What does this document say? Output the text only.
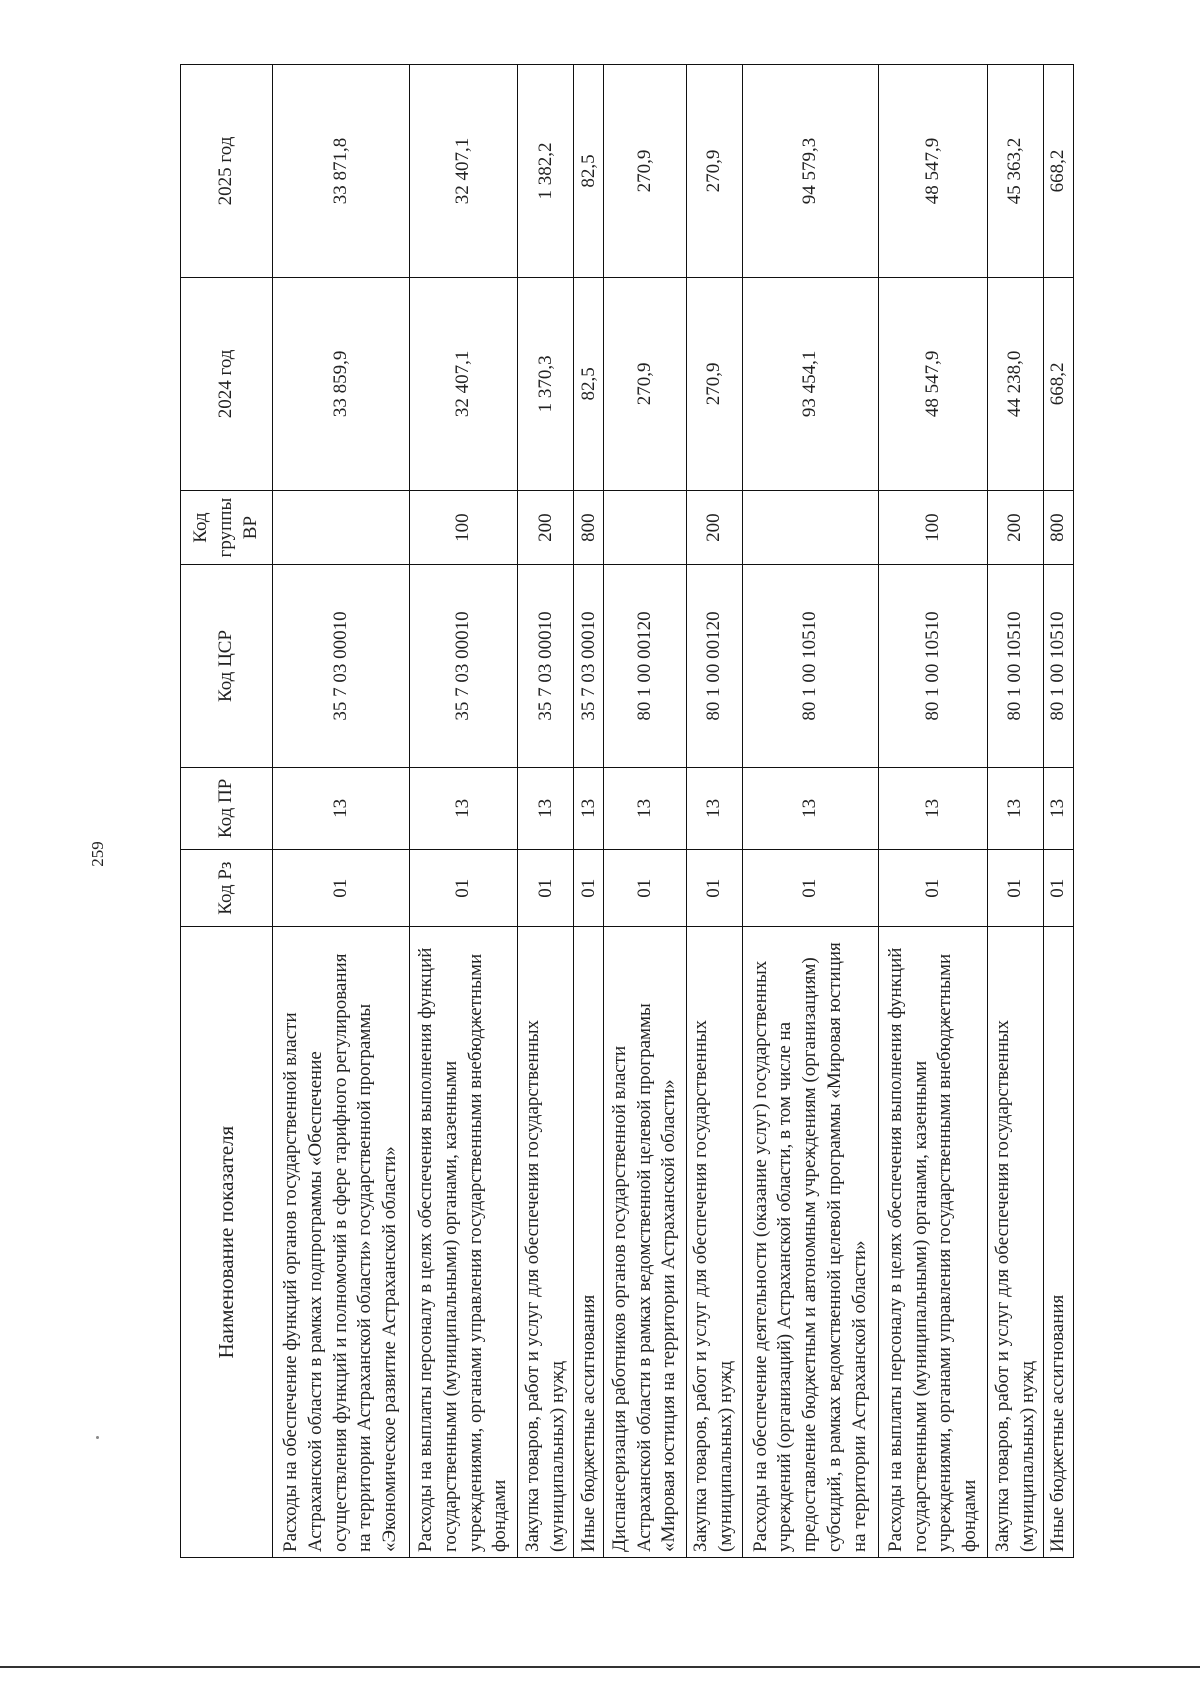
259
Наименование показателя	Код Рз	Код ПР	Код ЦСР	Код группы ВР	2024 год	2025 год
Расходы на обеспечение функций органов государственной власти Астраханской области в рамках подпрограммы «Обеспечение осуществления функций и полномочий в сфере тарифного регулирования на территории Астраханской области» государственной программы «Экономическое развитие Астраханской области»	01	13	35 7 03 00010		33 859,9	33 871,8
Расходы на выплаты персоналу в целях обеспечения выполнения функций государственными (муниципальными) органами, казенными учреждениями, органами управления государственными внебюджетными фондами	01	13	35 7 03 00010	100	32 407,1	32 407,1
Закупка товаров, работ и услуг для обеспечения государственных (муниципальных) нужд	01	13	35 7 03 00010	200	1 370,3	1 382,2
Иные бюджетные ассигнования	01	13	35 7 03 00010	800	82,5	82,5
Диспансеризация работников органов государственной власти Астраханской области в рамках ведомственной целевой программы «Мировая юстиция на территории Астраханской области»	01	13	80 1 00 00120		270,9	270,9
Закупка товаров, работ и услуг для обеспечения государственных (муниципальных) нужд	01	13	80 1 00 00120	200	270,9	270,9
Расходы на обеспечение деятельности (оказание услуг) государственных учреждений (организаций) Астраханской области, в том числе на предоставление бюджетным и автономным учреждениям (организациям) субсидий, в рамках ведомственной целевой программы «Мировая юстиция на территории Астраханской области»	01	13	80 1 00 10510		93 454,1	94 579,3
Расходы на выплаты персоналу в целях обеспечения выполнения функций государственными (муниципальными) органами, казенными учреждениями, органами управления государственными внебюджетными фондами	01	13	80 1 00 10510	100	48 547,9	48 547,9
Закупка товаров, работ и услуг для обеспечения государственных (муниципальных) нужд	01	13	80 1 00 10510	200	44 238,0	45 363,2
Иные бюджетные ассигнования	01	13	80 1 00 10510	800	668,2	668,2
